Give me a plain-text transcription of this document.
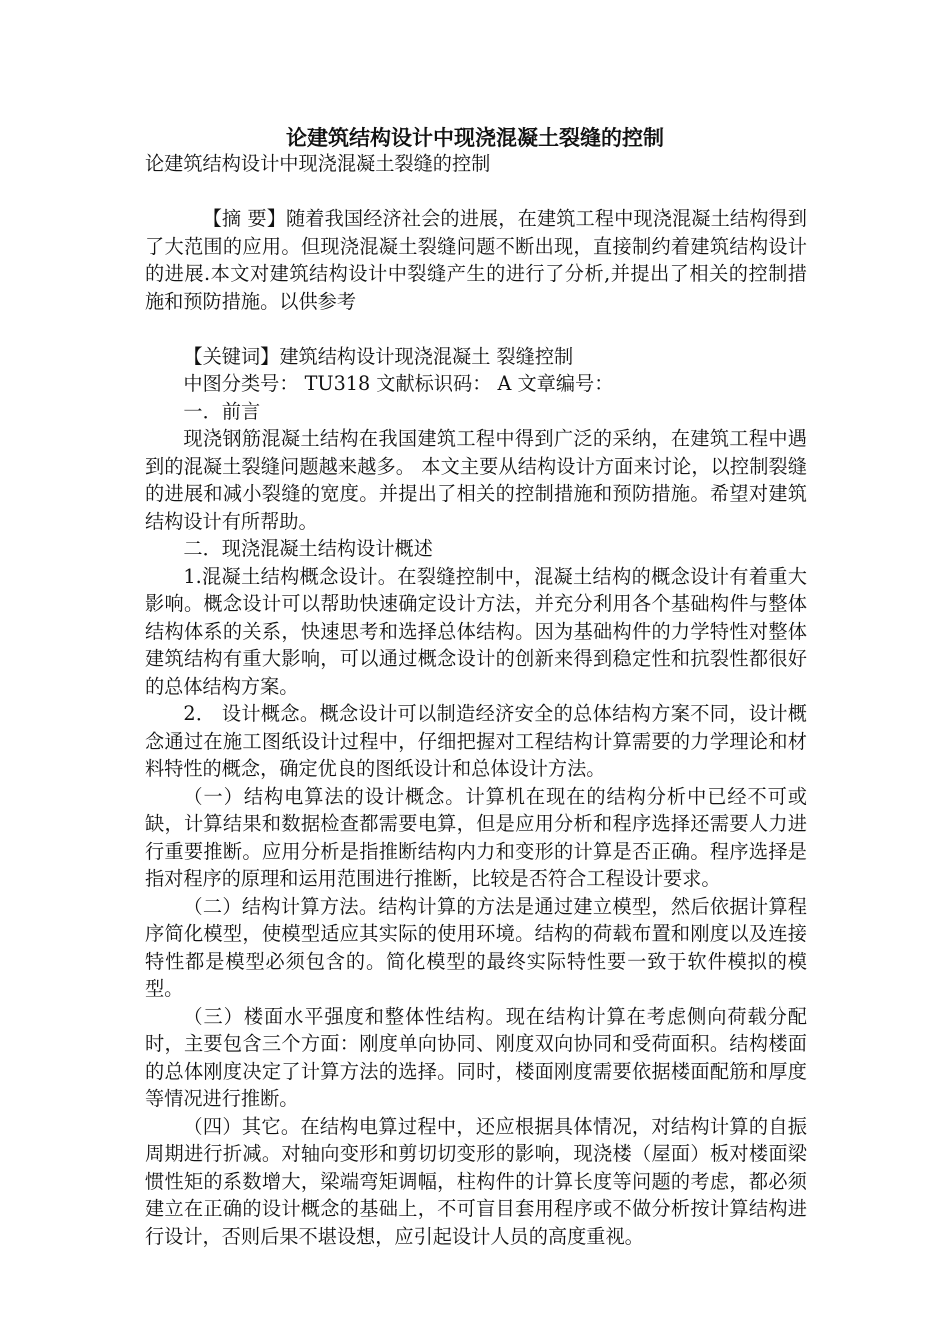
论建筑结构设计中现浇混凝土裂缝的控制

论建筑结构设计中现浇混凝土裂缝的控制

【摘 要】随着我国经济社会的进展，在建筑工程中现浇混凝土结构得到了大范围的应用。但现浇混凝土裂缝问题不断出现，直接制约着建筑结构设计的进展.本文对建筑结构设计中裂缝产生的进行了分析,并提出了相关的控制措施和预防措施。以供参考

【关键词】建筑结构设计现浇混凝土 裂缝控制

中图分类号： TU318 文献标识码： A 文章编号：

一．前言

现浇钢筋混凝土结构在我国建筑工程中得到广泛的采纳，在建筑工程中遇到的混凝土裂缝问题越来越多。 本文主要从结构设计方面来讨论，以控制裂缝的进展和减小裂缝的宽度。并提出了相关的控制措施和预防措施。希望对建筑结构设计有所帮助。

二．现浇混凝土结构设计概述

1.混凝土结构概念设计。在裂缝控制中，混凝土结构的概念设计有着重大影响。概念设计可以帮助快速确定设计方法，并充分利用各个基础构件与整体结构体系的关系，快速思考和选择总体结构。因为基础构件的力学特性对整体建筑结构有重大影响，可以通过概念设计的创新来得到稳定性和抗裂性都很好的总体结构方案。

2． 设计概念。概念设计可以制造经济安全的总体结构方案不同，设计概念通过在施工图纸设计过程中，仔细把握对工程结构计算需要的力学理论和材料特性的概念，确定优良的图纸设计和总体设计方法。

（一）结构电算法的设计概念。计算机在现在的结构分析中已经不可或缺，计算结果和数据检查都需要电算，但是应用分析和程序选择还需要人力进行重要推断。应用分析是指推断结构内力和变形的计算是否正确。程序选择是指对程序的原理和运用范围进行推断，比较是否符合工程设计要求。

（二）结构计算方法。结构计算的方法是通过建立模型，然后依据计算程序简化模型，使模型适应其实际的使用环境。结构的荷载布置和刚度以及连接特性都是模型必须包含的。简化模型的最终实际特性要一致于软件模拟的模型。

（三）楼面水平强度和整体性结构。现在结构计算在考虑侧向荷载分配时，主要包含三个方面：刚度单向协同、刚度双向协同和受荷面积。结构楼面的总体刚度决定了计算方法的选择。同时，楼面刚度需要依据楼面配筋和厚度等情况进行推断。

（四）其它。在结构电算过程中，还应根据具体情况，对结构计算的自振周期进行折减。对轴向变形和剪切切变形的影响，现浇楼（屋面）板对楼面梁惯性矩的系数增大，梁端弯矩调幅，柱构件的计算长度等问题的考虑，都必须建立在正确的设计概念的基础上，不可盲目套用程序或不做分析按计算结构进行设计，否则后果不堪设想，应引起设计人员的高度重视。
